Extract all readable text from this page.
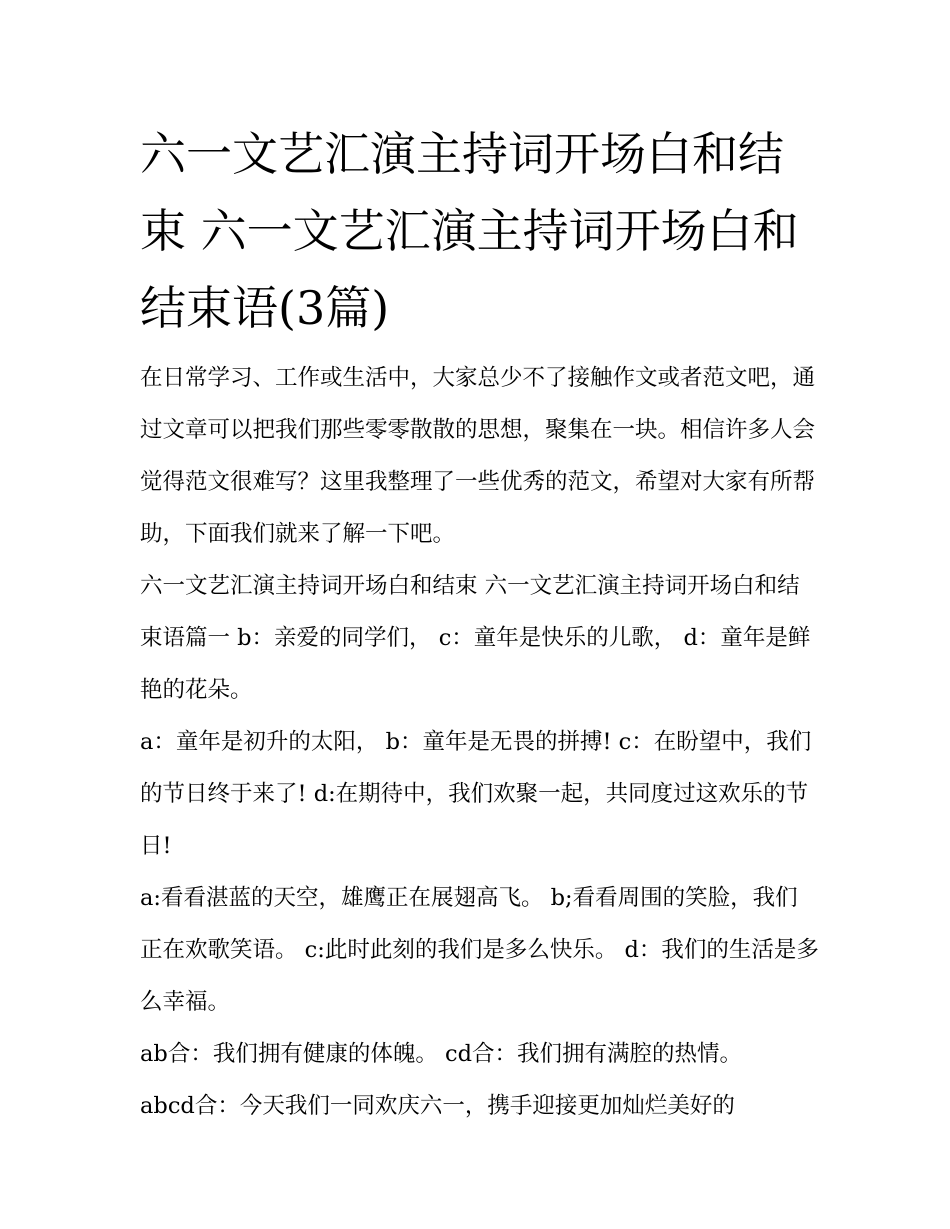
六一文艺汇演主持词开场白和结束 六一文艺汇演主持词开场白和结束语(3篇)

在日常学习、工作或生活中，大家总少不了接触作文或者范文吧，通过文章可以把我们那些零零散散的思想，聚集在一块。相信许多人会觉得范文很难写？这里我整理了一些优秀的范文，希望对大家有所帮助，下面我们就来了解一下吧。

六一文艺汇演主持词开场白和结束 六一文艺汇演主持词开场白和结束语篇一 b：亲爱的同学们， c：童年是快乐的儿歌， d：童年是鲜艳的花朵。

a：童年是初升的太阳， b：童年是无畏的拼搏! c：在盼望中，我们的节日终于来了! d:在期待中，我们欢聚一起，共同度过这欢乐的节日!

a:看看湛蓝的天空，雄鹰正在展翅高飞。 b;看看周围的笑脸，我们正在欢歌笑语。 c:此时此刻的我们是多么快乐。 d：我们的生活是多么幸福。

ab合：我们拥有健康的体魄。 cd合：我们拥有满腔的热情。

abcd合：今天我们一同欢庆六一，携手迎接更加灿烂美好的
